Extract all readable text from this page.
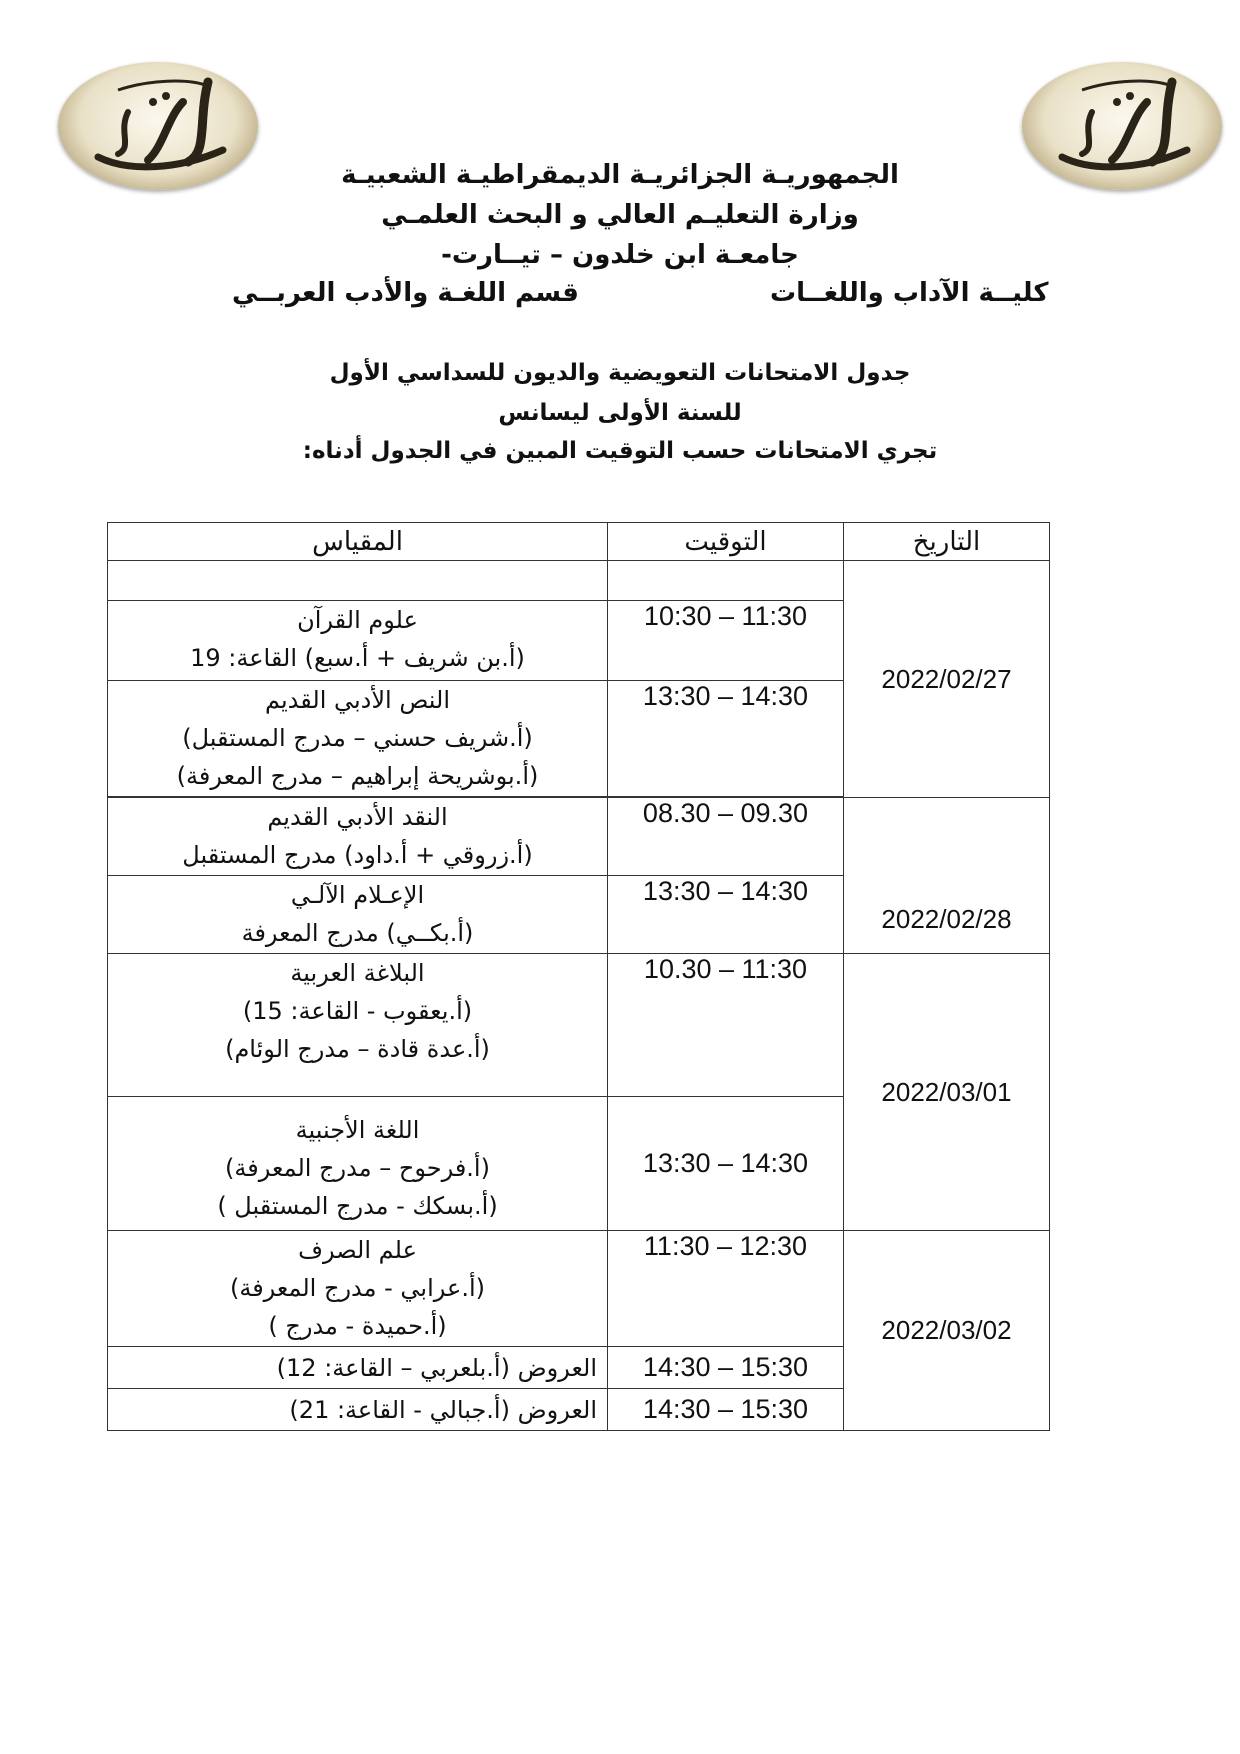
الجمهوريـة الجزائريـة الديمقراطيـة الشعبيـة
وزارة التعليـم العالي و البحث العلمـي
جامعـة ابن خلدون – تيــارت-
كليــة الآداب واللغــات
قسم اللغـة والأدب العربــي
جدول الامتحانات التعويضية والديون للسداسي الأول
للسنة الأولى ليسانس
تجري الامتحانات حسب التوقيت المبين في الجدول أدناه:
التاريخ	التوقيت	المقياس
2022/02/27		
	10:30 – 11:30	علوم القرآن
(أ.بن شريف + أ.سبع) القاعة: 19

	13:30 – 14:30	النص الأدبي القديم
(أ.شريف حسني – مدرج المستقبل)
(أ.بوشريحة إبراهيم – مدرج المعرفة)

2022/02/28	08.30 – 09.30	النقد الأدبي القديم
(أ.زروقي + أ.داود) مدرج المستقبل

	13:30 – 14:30	الإعـلام الآلـي
(أ.بكــي) مدرج المعرفة

2022/03/01	10.30 – 11:30	البلاغة العربية
(أ.يعقوب - القاعة: 15)
(أ.عدة قادة – مدرج الوئام)

	13:30 – 14:30	اللغة الأجنبية
(أ.فرحوح – مدرج المعرفة)
(أ.بسكك - مدرج المستقبل )

2022/03/02	11:30 – 12:30	علم الصرف
(أ.عرابي - مدرج المعرفة)
(أ.حميدة - مدرج )

	14:30 – 15:30	العروض (أ.بلعربي – القاعة: 12)
	14:30 – 15:30	العروض (أ.جبالي - القاعة: 21)
